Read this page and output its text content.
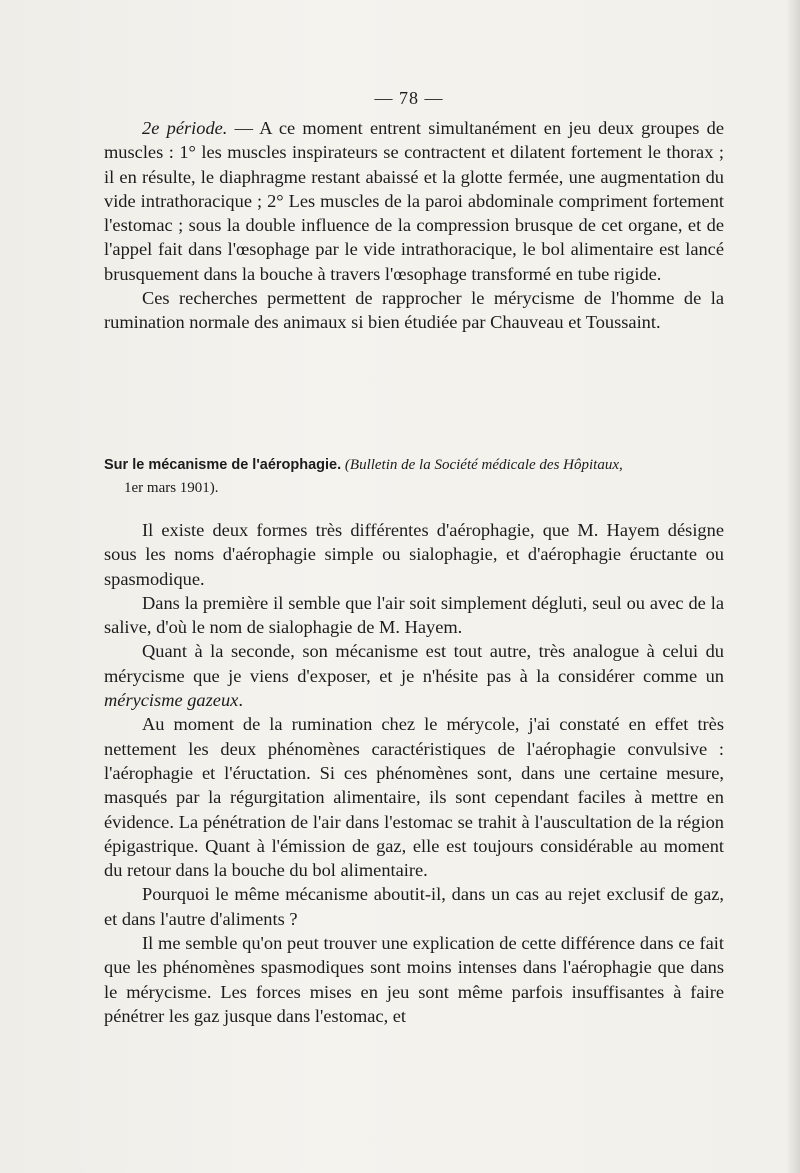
— 78 —

2e période. — A ce moment entrent simultanément en jeu deux groupes de muscles : 1° les muscles inspirateurs se contractent et dilatent fortement le thorax ; il en résulte, le diaphragme restant abaissé et la glotte fermée, une augmentation du vide intrathoracique ; 2° Les muscles de la paroi abdominale compriment fortement l'estomac ; sous la double influence de la compression brusque de cet organe, et de l'appel fait dans l'œsophage par le vide intrathoracique, le bol alimentaire est lancé brusquement dans la bouche à travers l'œsophage transformé en tube rigide.

Ces recherches permettent de rapprocher le mérycisme de l'homme de la rumination normale des animaux si bien étudiée par Chauveau et Toussaint.

Sur le mécanisme de l'aérophagie. (Bulletin de la Société médicale des Hôpitaux,
1er mars 1901).

Il existe deux formes très différentes d'aérophagie, que M. Hayem désigne sous les noms d'aérophagie simple ou sialophagie, et d'aérophagie éructante ou spasmodique.

Dans la première il semble que l'air soit simplement dégluti, seul ou avec de la salive, d'où le nom de sialophagie de M. Hayem.

Quant à la seconde, son mécanisme est tout autre, très analogue à celui du mérycisme que je viens d'exposer, et je n'hésite pas à la considérer comme un mérycisme gazeux.

Au moment de la rumination chez le mérycole, j'ai constaté en effet très nettement les deux phénomènes caractéristiques de l'aérophagie convulsive : l'aérophagie et l'éructation. Si ces phénomènes sont, dans une certaine mesure, masqués par la régurgitation alimentaire, ils sont cependant faciles à mettre en évidence. La pénétration de l'air dans l'estomac se trahit à l'auscultation de la région épigastrique. Quant à l'émission de gaz, elle est toujours considérable au moment du retour dans la bouche du bol alimentaire.

Pourquoi le même mécanisme aboutit-il, dans un cas au rejet exclusif de gaz, et dans l'autre d'aliments ?

Il me semble qu'on peut trouver une explication de cette différence dans ce fait que les phénomènes spasmodiques sont moins intenses dans l'aérophagie que dans le mérycisme. Les forces mises en jeu sont même parfois insuffisantes à faire pénétrer les gaz jusque dans l'estomac, et
